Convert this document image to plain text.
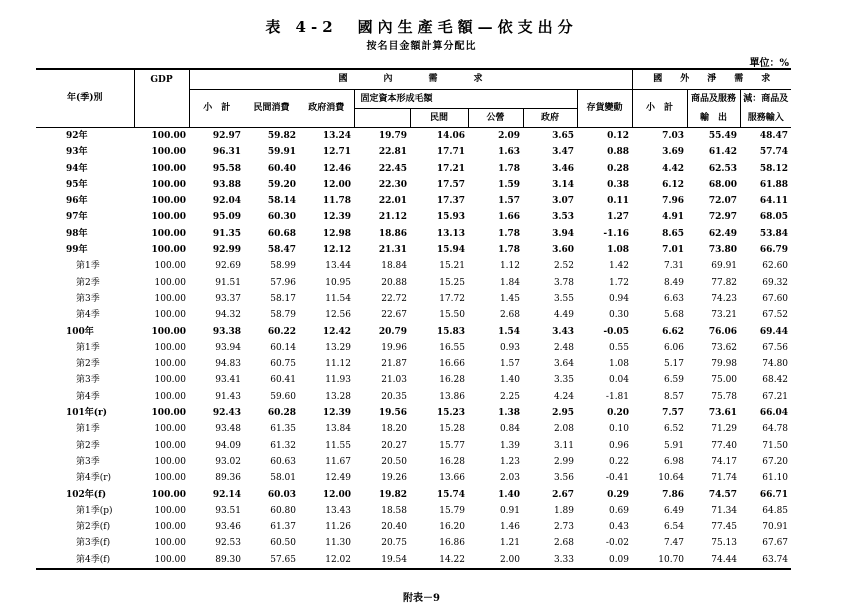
表 4-2　國內生產毛額—依支出分
按名目金額計算分配比
單位：%
年(季)別	GDP	國　　　　內　　　　需　　　　求								國　　外　　淨　　需　　求		
		小　計	民間消費	政府消費	固定資本形成毛額				存貨變動	小　計	商品及服務	減：商品及
						民間	公營	政府			輸　出	服務輸入
92年	100.00	92.97	59.82	13.24	19.79	14.06	2.09	3.65	0.12	7.03	55.49	48.47
93年	100.00	96.31	59.91	12.71	22.81	17.71	1.63	3.47	0.88	3.69	61.42	57.74
94年	100.00	95.58	60.40	12.46	22.45	17.21	1.78	3.46	0.28	4.42	62.53	58.12
95年	100.00	93.88	59.20	12.00	22.30	17.57	1.59	3.14	0.38	6.12	68.00	61.88
96年	100.00	92.04	58.14	11.78	22.01	17.37	1.57	3.07	0.11	7.96	72.07	64.11
97年	100.00	95.09	60.30	12.39	21.12	15.93	1.66	3.53	1.27	4.91	72.97	68.05
98年	100.00	91.35	60.68	12.98	18.86	13.13	1.78	3.94	-1.16	8.65	62.49	53.84
99年	100.00	92.99	58.47	12.12	21.31	15.94	1.78	3.60	1.08	7.01	73.80	66.79
第1季	100.00	92.69	58.99	13.44	18.84	15.21	1.12	2.52	1.42	7.31	69.91	62.60
第2季	100.00	91.51	57.96	10.95	20.88	15.25	1.84	3.78	1.72	8.49	77.82	69.32
第3季	100.00	93.37	58.17	11.54	22.72	17.72	1.45	3.55	0.94	6.63	74.23	67.60
第4季	100.00	94.32	58.79	12.56	22.67	15.50	2.68	4.49	0.30	5.68	73.21	67.52
100年	100.00	93.38	60.22	12.42	20.79	15.83	1.54	3.43	-0.05	6.62	76.06	69.44
第1季	100.00	93.94	60.14	13.29	19.96	16.55	0.93	2.48	0.55	6.06	73.62	67.56
第2季	100.00	94.83	60.75	11.12	21.87	16.66	1.57	3.64	1.08	5.17	79.98	74.80
第3季	100.00	93.41	60.41	11.93	21.03	16.28	1.40	3.35	0.04	6.59	75.00	68.42
第4季	100.00	91.43	59.60	13.28	20.35	13.86	2.25	4.24	-1.81	8.57	75.78	67.21
101年(r)	100.00	92.43	60.28	12.39	19.56	15.23	1.38	2.95	0.20	7.57	73.61	66.04
第1季	100.00	93.48	61.35	13.84	18.20	15.28	0.84	2.08	0.10	6.52	71.29	64.78
第2季	100.00	94.09	61.32	11.55	20.27	15.77	1.39	3.11	0.96	5.91	77.40	71.50
第3季	100.00	93.02	60.63	11.67	20.50	16.28	1.23	2.99	0.22	6.98	74.17	67.20
第4季(r)	100.00	89.36	58.01	12.49	19.26	13.66	2.03	3.56	-0.41	10.64	71.74	61.10
102年(f)	100.00	92.14	60.03	12.00	19.82	15.74	1.40	2.67	0.29	7.86	74.57	66.71
第1季(p)	100.00	93.51	60.80	13.43	18.58	15.79	0.91	1.89	0.69	6.49	71.34	64.85
第2季(f)	100.00	93.46	61.37	11.26	20.40	16.20	1.46	2.73	0.43	6.54	77.45	70.91
第3季(f)	100.00	92.53	60.50	11.30	20.75	16.86	1.21	2.68	-0.02	7.47	75.13	67.67
第4季(f)	100.00	89.30	57.65	12.02	19.54	14.22	2.00	3.33	0.09	10.70	74.44	63.74
附表－9
